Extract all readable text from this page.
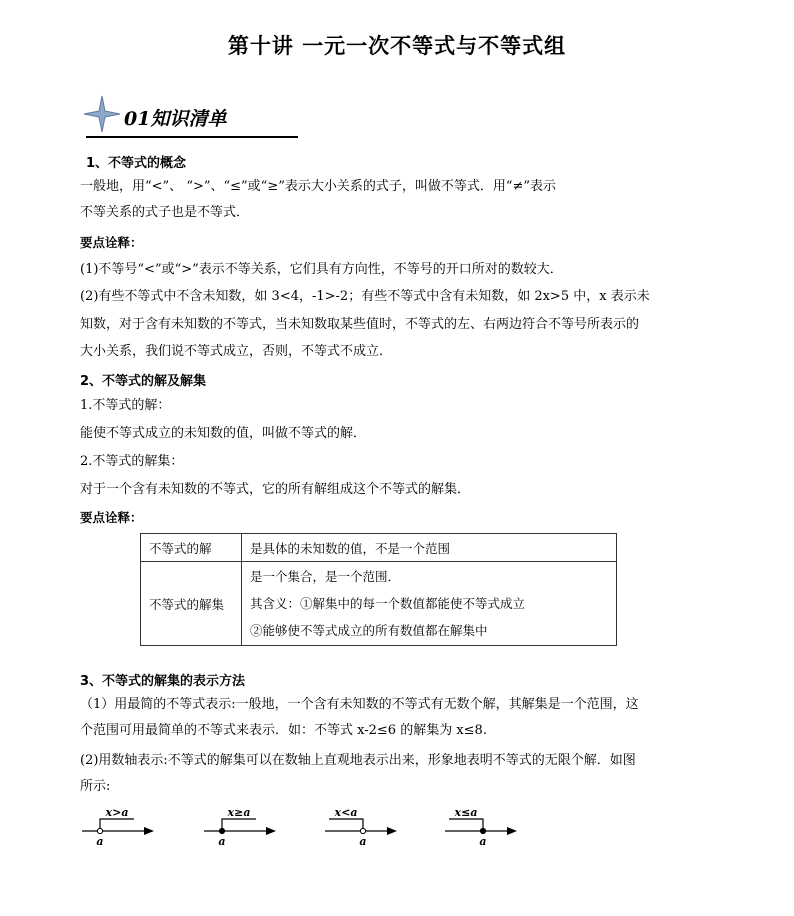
第十讲 一元一次不等式与不等式组
01知识清单
1、不等式的概念
一般地，用“<”、 “>”、“≤”或“≥”表示大小关系的式子，叫做不等式．用“≠”表示
不等关系的式子也是不等式．
要点诠释：
(1)不等号“<”或“>”表示不等关系，它们具有方向性，不等号的开口所对的数较大．
(2)有些不等式中不含未知数，如 3<4，-1>-2；有些不等式中含有未知数，如 2x>5 中，x 表示未
知数，对于含有未知数的不等式，当未知数取某些值时，不等式的左、右两边符合不等号所表示的
大小关系，我们说不等式成立，否则，不等式不成立．
2、不等式的解及解集
1.不等式的解：
能使不等式成立的未知数的值，叫做不等式的解．
2.不等式的解集：
对于一个含有未知数的不等式，它的所有解组成这个不等式的解集．
要点诠释：
不等式的解	是具体的未知数的值，不是一个范围
不等式的解集	是一个集合，是一个范围．
其含义：①解集中的每一个数值都能使不等式成立
②能够使不等式成立的所有数值都在解集中
3、不等式的解集的表示方法
（1）用最简的不等式表示:一般地，一个含有未知数的不等式有无数个解，其解集是一个范围，这
个范围可用最简单的不等式来表示．如：不等式 x-2≤6 的解集为 x≤8.
(2)用数轴表示:不等式的解集可以在数轴上直观地表示出来，形象地表明不等式的无限个解．如图
所示:
x>a
a
x≥a
a
x<a
a
x≤a
a
